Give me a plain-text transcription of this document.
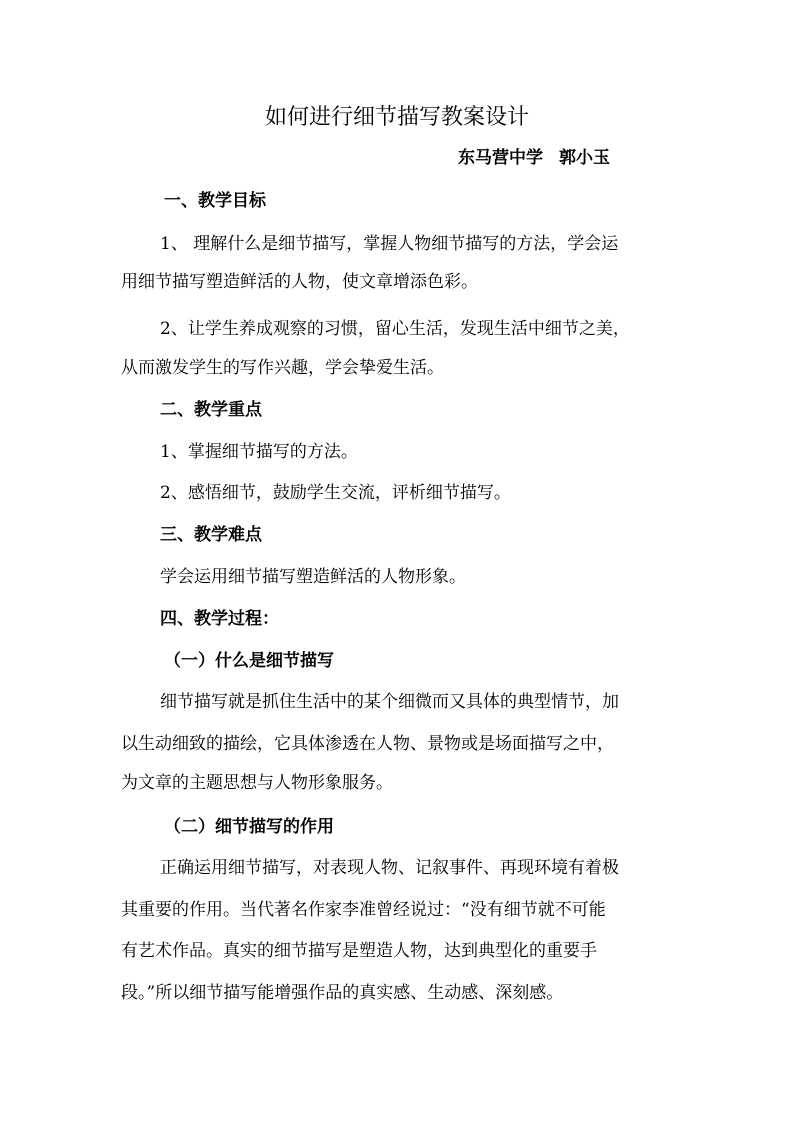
如何进行细节描写教案设计
东马营中学 郭小玉
一、教学目标
1、 理解什么是细节描写，掌握人物细节描写的方法，学会运
用细节描写塑造鲜活的人物，使文章增添色彩。
2、让学生养成观察的习惯，留心生活，发现生活中细节之美，
从而激发学生的写作兴趣，学会挚爱生活。
二、教学重点
1、掌握细节描写的方法。
2、感悟细节，鼓励学生交流，评析细节描写。
三、教学难点
学会运用细节描写塑造鲜活的人物形象。
四、教学过程：
（一）什么是细节描写
细节描写就是抓住生活中的某个细微而又具体的典型情节，加
以生动细致的描绘，它具体渗透在人物、景物或是场面描写之中，
为文章的主题思想与人物形象服务。
（二）细节描写的作用
正确运用细节描写，对表现人物、记叙事件、再现环境有着极
其重要的作用。当代著名作家李准曾经说过：“没有细节就不可能
有艺术作品。真实的细节描写是塑造人物，达到典型化的重要手
段。”所以细节描写能增强作品的真实感、生动感、深刻感。
